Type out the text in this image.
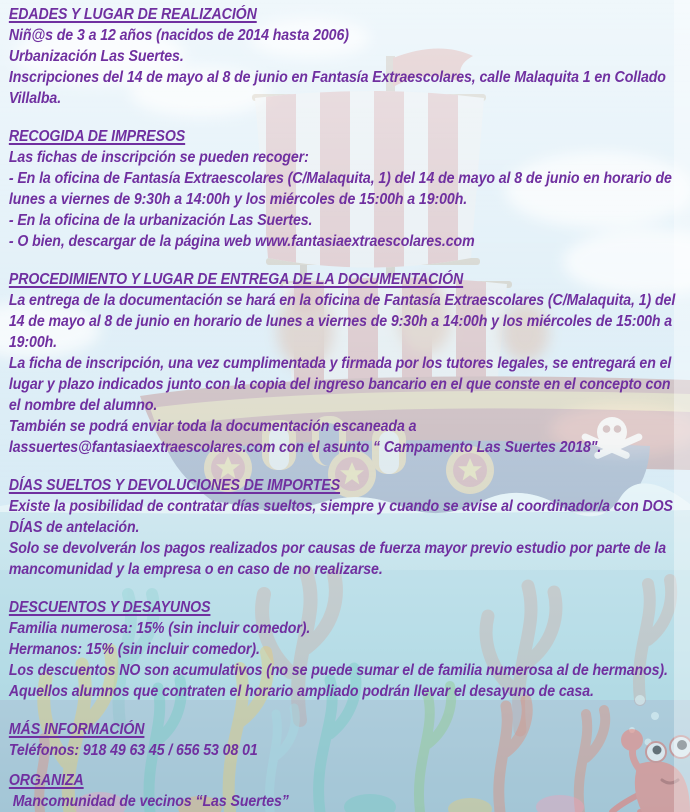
EDADES Y LUGAR DE REALIZACIÓN

Niñ@s de 3 a 12 años (nacidos de 2014 hasta 2006)

Urbanización Las Suertes.

Inscripciones del 14 de mayo al 8 de junio en Fantasía Extraescolares, calle Malaquita 1 en Collado Villalba.

RECOGIDA DE IMPRESOS

Las fichas de inscripción se pueden recoger:

- En la oficina de Fantasía Extraescolares (C/Malaquita, 1) del 14 de mayo al 8 de junio en horario de lunes a viernes de 9:30h a 14:00h y los miércoles de 15:00h a 19:00h.

- En la oficina de la urbanización Las Suertes.

- O bien, descargar de la página web www.fantasiaextraescolares.com

PROCEDIMIENTO Y LUGAR DE ENTREGA DE LA DOCUMENTACIÓN

La entrega de la documentación se hará en la oficina de Fantasía Extraescolares (C/Malaquita, 1) del 14 de mayo al 8 de junio en horario de lunes a viernes de 9:30h a 14:00h y los miércoles de 15:00h a 19:00h.

La ficha de inscripción, una vez cumplimentada y firmada por los tutores legales, se entregará en el lugar y plazo indicados junto con la copia del ingreso bancario en el que conste en el concepto con el nombre del alumno.

También se podrá enviar toda la documentación escaneada a lassuertes@fantasiaextraescolares.com con el asunto “ Campamento Las Suertes 2018".

DÍAS SUELTOS Y DEVOLUCIONES DE IMPORTES

Existe la posibilidad de contratar días sueltos, siempre y cuando se avise al coordinador/a con DOS DÍAS de antelación.

Solo se devolverán los pagos realizados por causas de fuerza mayor previo estudio por parte de la mancomunidad y la empresa o en caso de no realizarse.

DESCUENTOS Y DESAYUNOS

Familia numerosa: 15% (sin incluir comedor).

Hermanos: 15% (sin incluir comedor).

Los descuentos NO son acumulativos (no se puede sumar el de familia numerosa al de hermanos).

Aquellos alumnos que contraten el horario ampliado podrán llevar el desayuno de casa.

MÁS INFORMACIÓN

Teléfonos: 918 49 63 45 / 656 53 08 01

ORGANIZA

Mancomunidad de vecinos “Las Suertes”
